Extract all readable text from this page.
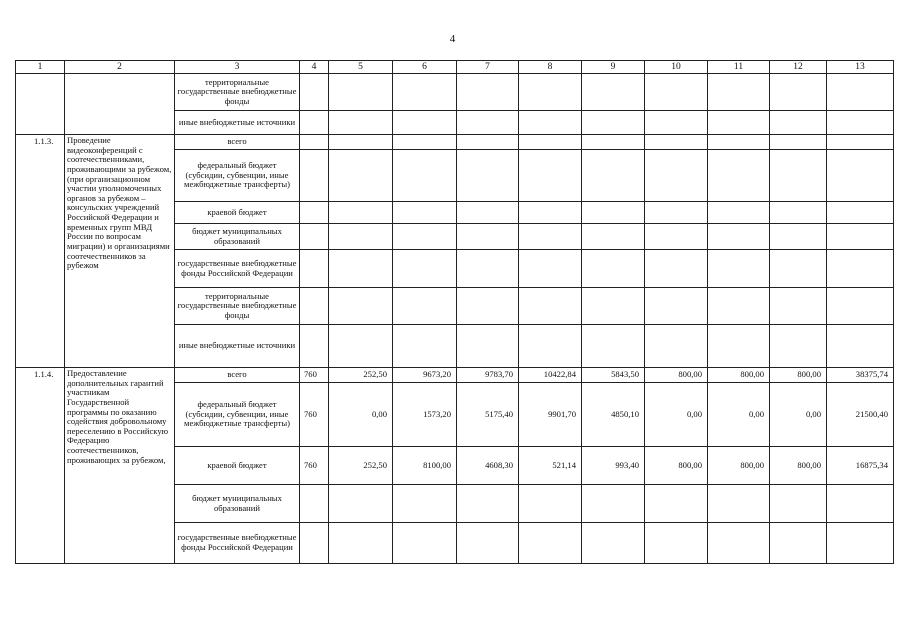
4
1	2	3	4	5	6	7	8	9	10	11	12	13
		территориальные государственные внебюджетные фонды										
		иные внебюджетные источники										
1.1.3.	Проведение видеоконференций с соотечественниками, проживающими за рубежом, (при организационном участии уполномоченных органов за рубежом – консульских учреждений Российской Федерации и временных групп МВД России по вопросам миграции) и организациями соотечественников за рубежом	всего										
		федеральный бюджет (субсидии, субвенции, иные межбюджетные трансферты)										
		краевой бюджет										
		бюджет муниципальных образований										
		государственные внебюджетные фонды Российской Федерации										
		территориальные государственные внебюджетные фонды										
		иные внебюджетные источники										
1.1.4.	Предоставление дополнительных гарантий участникам Государственной программы по оказанию содействия добровольному переселению в Российскую Федерацию соотечественников, проживающих за рубежом,	всего	760	252,50	9673,20	9783,70	10422,84	5843,50	800,00	800,00	800,00	38375,74
		федеральный бюджет (субсидии, субвенции, иные межбюджетные трансферты)	760	0,00	1573,20	5175,40	9901,70	4850,10	0,00	0,00	0,00	21500,40
		краевой бюджет	760	252,50	8100,00	4608,30	521,14	993,40	800,00	800,00	800,00	16875,34
		бюджет муниципальных образований										
		государственные внебюджетные фонды Российской Федерации										
